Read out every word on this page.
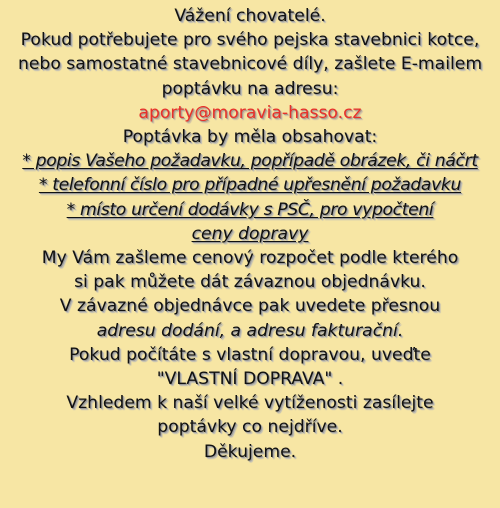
Vážení chovatelé.
Pokud potřebujete pro svého pejska stavebnici kotce,
nebo samostatné stavebnicové díly, zašlete E-mailem
poptávku na adresu:
aporty@moravia-hasso.cz
Poptávka by měla obsahovat:
* popis Vašeho požadavku, popřípadě obrázek, či náčrt
* telefonní číslo pro případné upřesnění požadavku
* místo určení dodávky s PSČ, pro vypočtení
ceny dopravy
My Vám zašleme cenový rozpočet podle kterého
si pak můžete dát závaznou objednávku.
V závazné objednávce pak uvedete přesnou
adresu dodání, a adresu fakturační.
Pokud počítáte s vlastní dopravou, uveďte
"VLASTNÍ DOPRAVA" .
Vzhledem k naší velké vytíženosti zasílejte
poptávky co nejdříve.
Děkujeme.
